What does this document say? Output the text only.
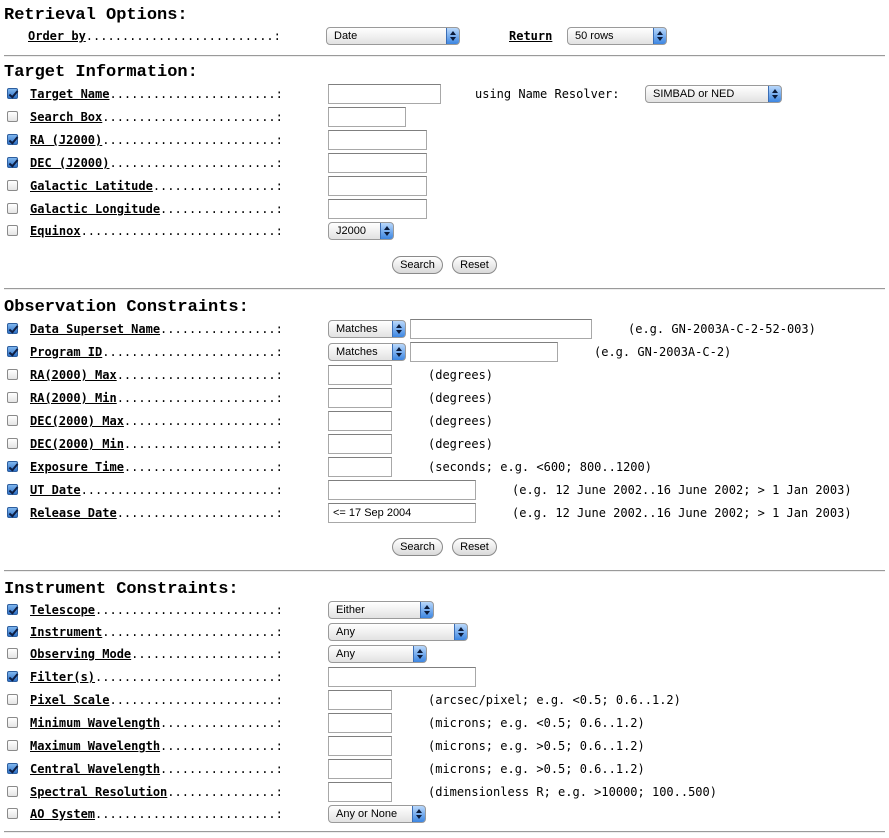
Retrieval Options:
Order by..........................:	Date	Return	50 rows
Target Information:
Target Name.......................:	using Name Resolver:	SIMBAD or NED
Search Box........................:
RA (J2000)........................:
DEC (J2000).......................:
Galactic Latitude.................:
Galactic Longitude................:
Equinox...........................:	J2000
Search	Reset
Observation Constraints:
Data Superset Name................:	Matches	(e.g. GN-2003A-C-2-52-003)
Program ID........................:	Matches	(e.g. GN-2003A-C-2)
RA(2000) Max......................:	(degrees)
RA(2000) Min......................:	(degrees)
DEC(2000) Max.....................:	(degrees)
DEC(2000) Min.....................:	(degrees)
Exposure Time.....................:	(seconds; e.g. <600; 800..1200)
UT Date...........................:	(e.g. 12 June 2002..16 June 2002; > 1 Jan 2003)
Release Date......................:	<= 17 Sep 2004	(e.g. 12 June 2002..16 June 2002; > 1 Jan 2003)
Search	Reset
Instrument Constraints:
Telescope.........................:	Either
Instrument........................:	Any
Observing Mode....................:	Any
Filter(s).........................:
Pixel Scale.......................:	(arcsec/pixel; e.g. <0.5; 0.6..1.2)
Minimum Wavelength................:	(microns; e.g. <0.5; 0.6..1.2)
Maximum Wavelength................:	(microns; e.g. >0.5; 0.6..1.2)
Central Wavelength................:	(microns; e.g. >0.5; 0.6..1.2)
Spectral Resolution...............:	(dimensionless R; e.g. >10000; 100..500)
AO System.........................:	Any or None
